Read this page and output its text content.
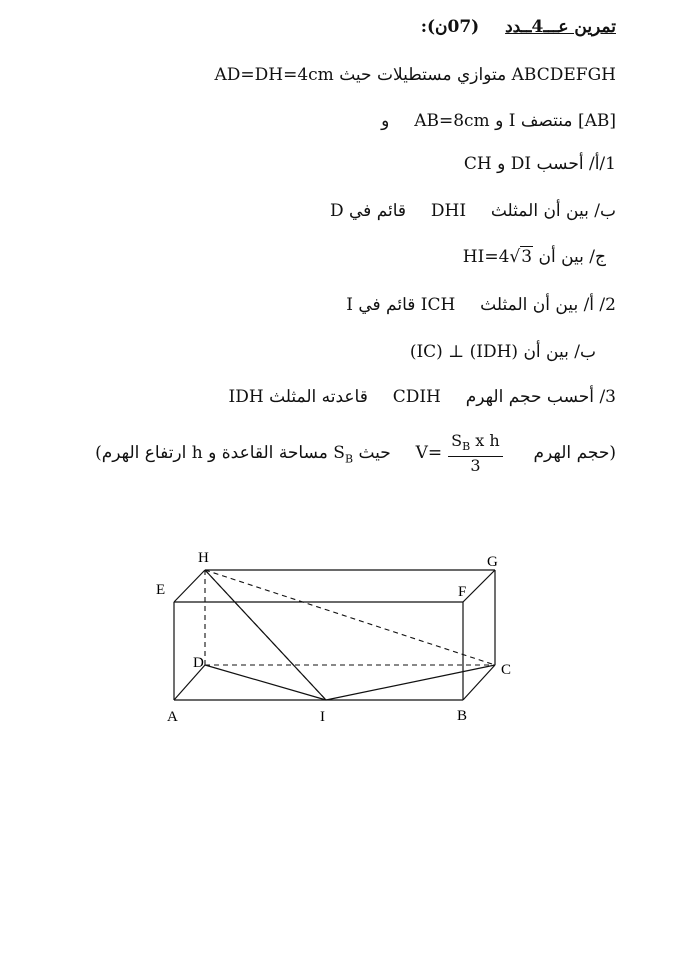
تمرين عـــ4ــدد  (07ن):
ABCDEFGH متوازي مستطيلات حيث AD=DH=4cm
[AB] منتصف I و AB=8cm  و
1/أ/ أحسب DI و CH
ب/ بين أن المثلث  DHI  قائم في D
ج/ بين أن HI=4√3
2/ أ/ بين أن المثلث  ICH قائم في I
ب/ بين أن (IC) ⊥ (IDH)
3/ أحسب حجم الهرم  CDIH  قاعدته المثلث IDH
(حجم الهرم  $V= \frac{S_B x h}{3}$
حيث $S_B$ مساحة القاعدة و h ارتفاع الهرم)
H	G
E	F
D	C
A	I	B
